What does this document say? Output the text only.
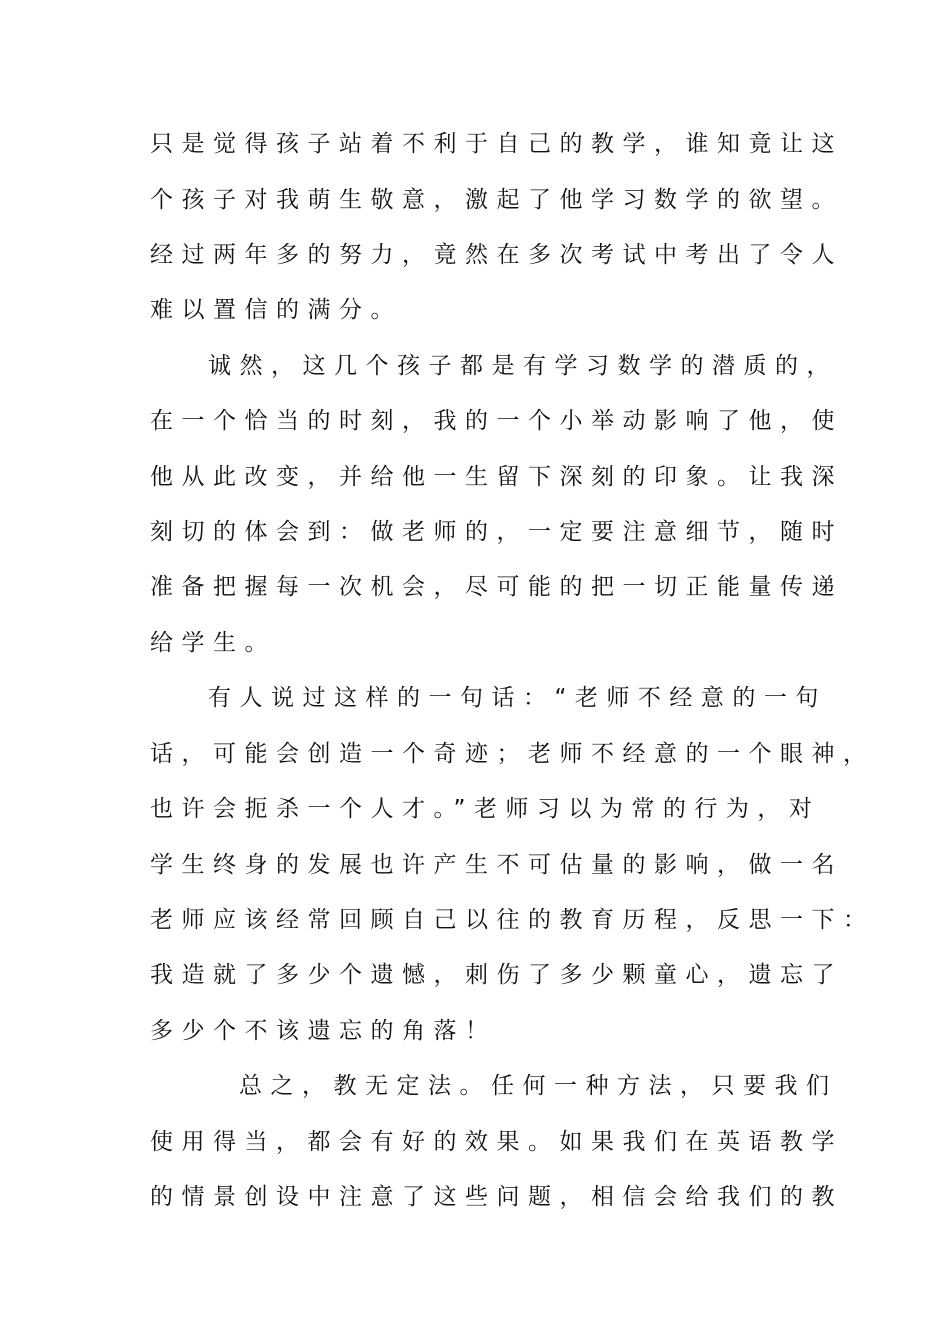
只是觉得孩子站着不利于自己的教学，谁知竟让这
个孩子对我萌生敬意，激起了他学习数学的欲望。
经过两年多的努力，竟然在多次考试中考出了令人
难以置信的满分。
诚然，这几个孩子都是有学习数学的潜质的，
在一个恰当的时刻，我的一个小举动影响了他，使
他从此改变，并给他一生留下深刻的印象。让我深
刻切的体会到：做老师的，一定要注意细节，随时
准备把握每一次机会，尽可能的把一切正能量传递
给学生。
有人说过这样的一句话：“老师不经意的一句
话，可能会创造一个奇迹；老师不经意的一个眼神，
也许会扼杀一个人才。”老师习以为常的行为，对
学生终身的发展也许产生不可估量的影响，做一名
老师应该经常回顾自己以往的教育历程，反思一下：
我造就了多少个遗憾，刺伤了多少颗童心，遗忘了
多少个不该遗忘的角落！
总之，教无定法。任何一种方法，只要我们
使用得当，都会有好的效果。如果我们在英语教学
的情景创设中注意了这些问题，相信会给我们的教
